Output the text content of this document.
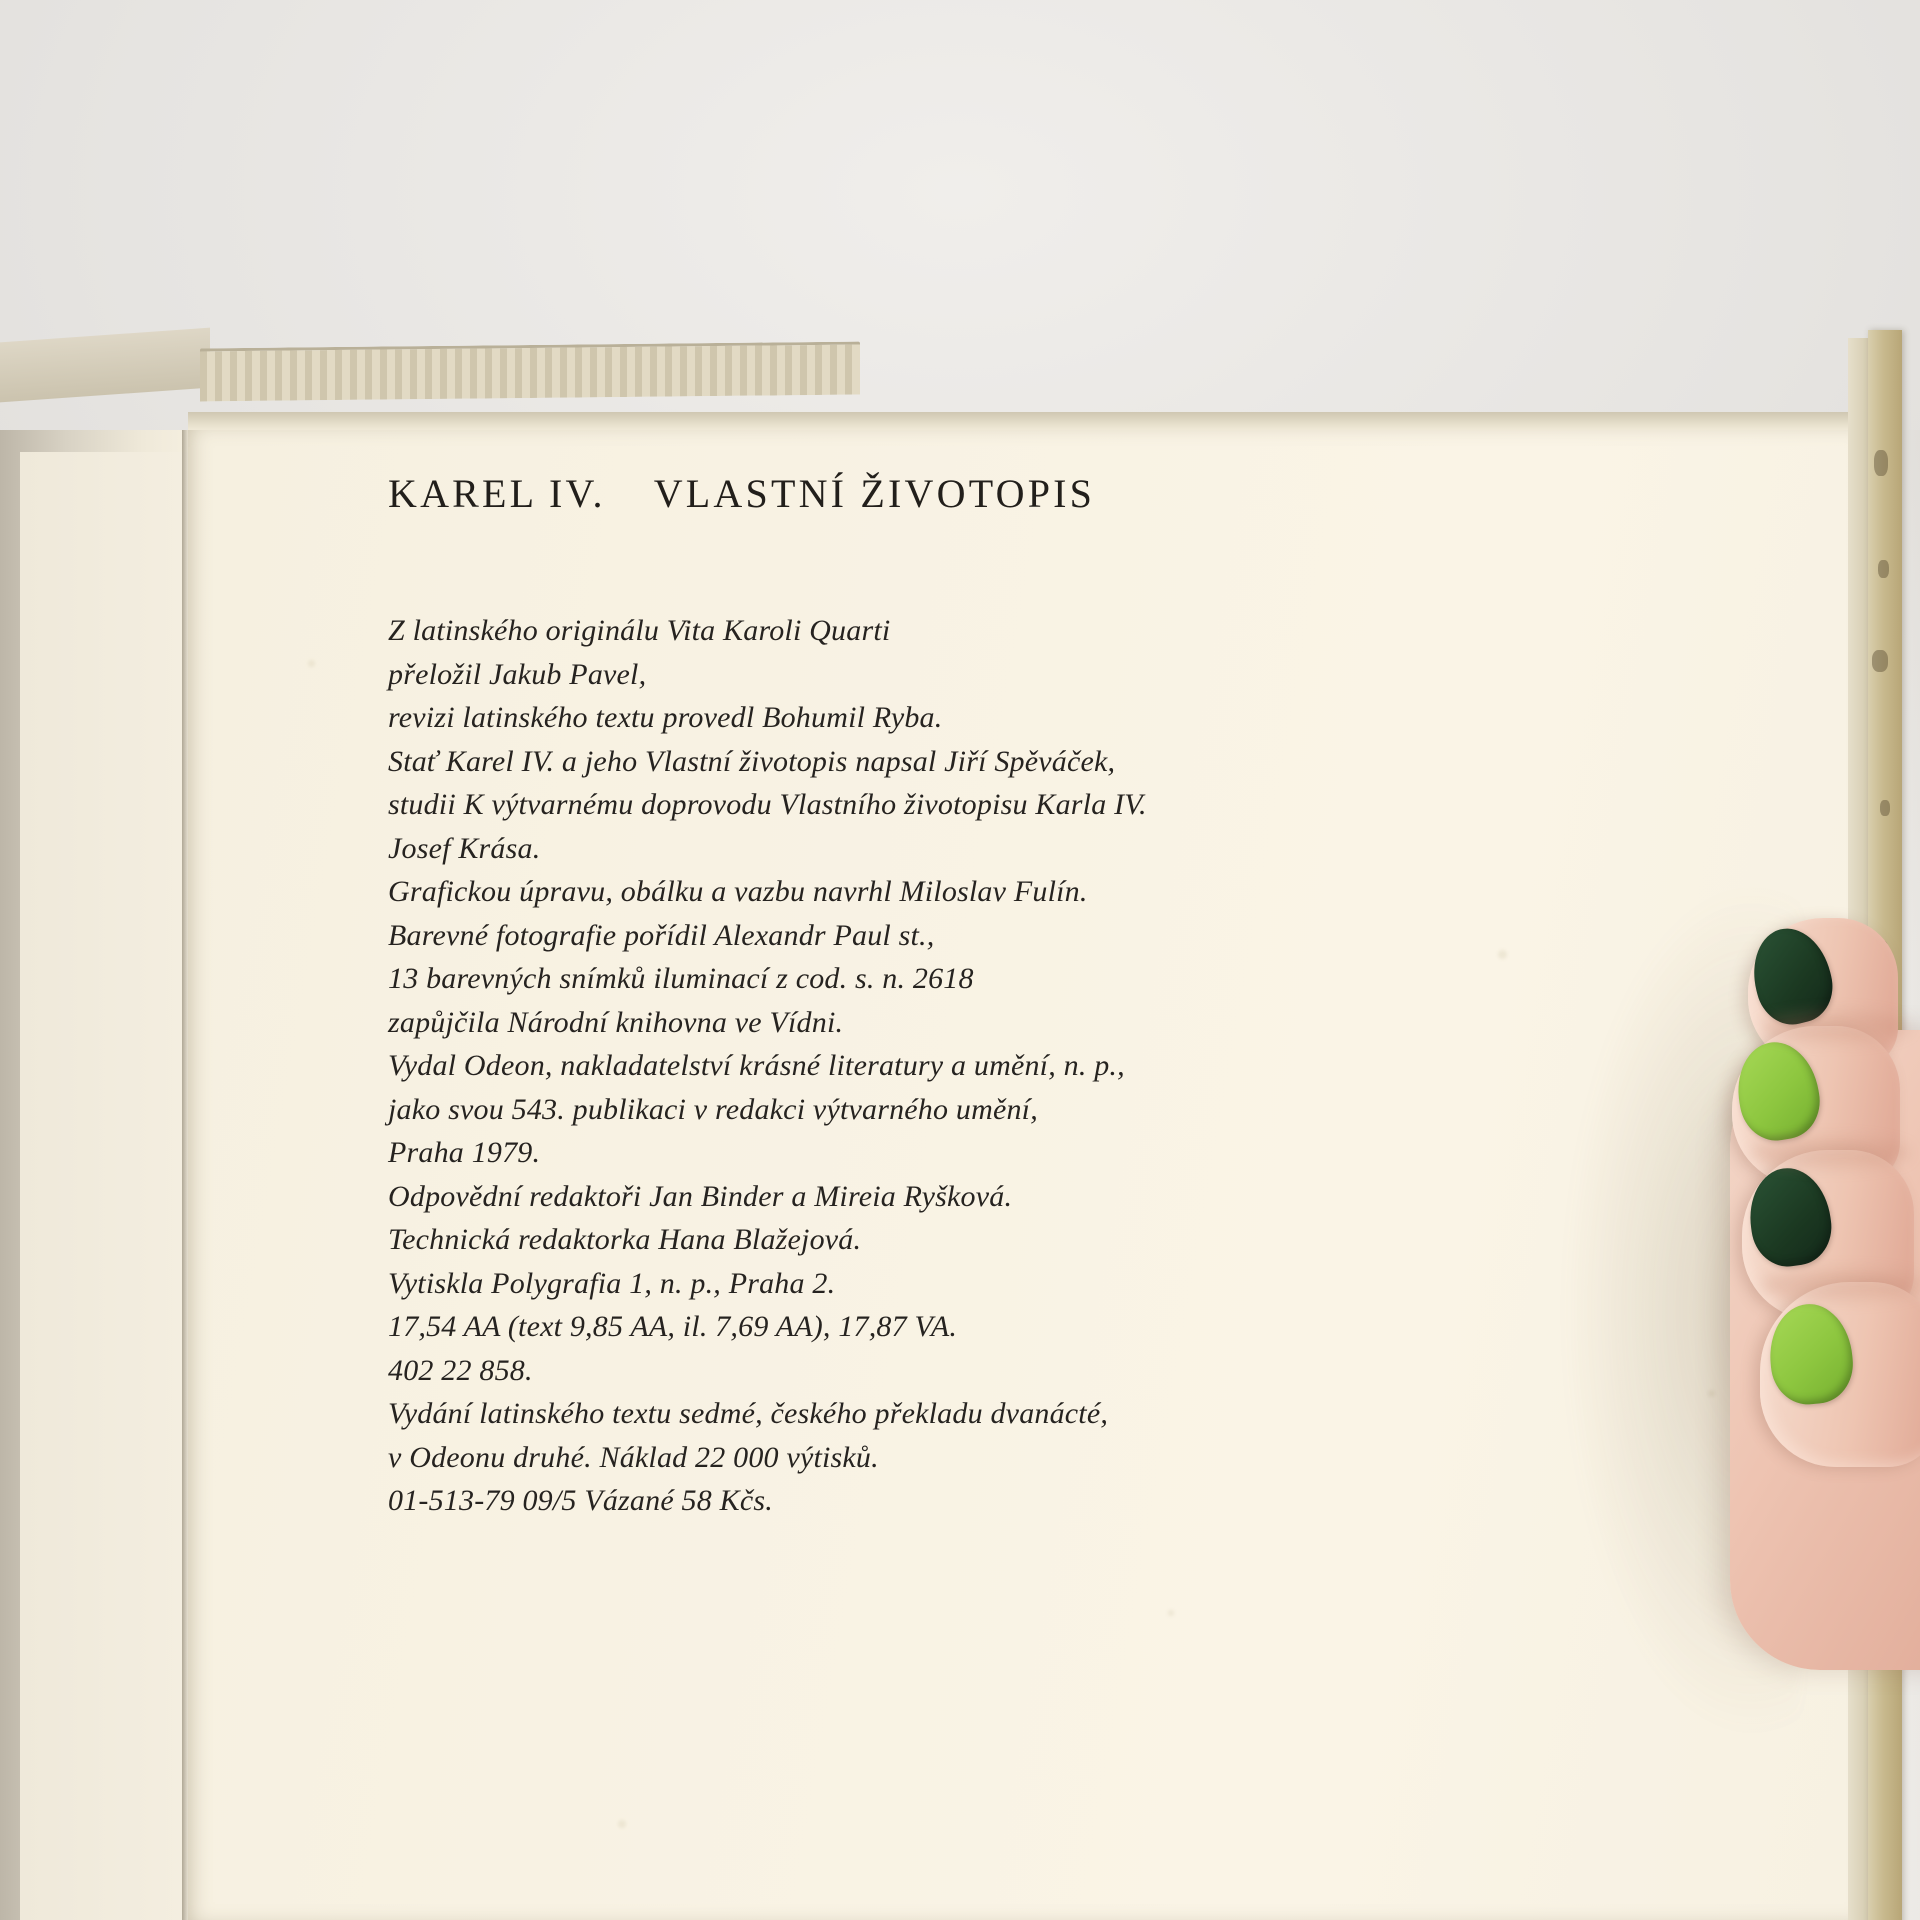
KAREL IV. VLASTNÍ ŽIVOTOPIS
Z latinského originálu Vita Karoli Quarti
přeložil Jakub Pavel,
revizi latinského textu provedl Bohumil Ryba.
Stať Karel IV. a jeho Vlastní životopis napsal Jiří Spěváček,
studii K výtvarnému doprovodu Vlastního životopisu Karla IV.
Josef Krása.
Grafickou úpravu, obálku a vazbu navrhl Miloslav Fulín.
Barevné fotografie pořídil Alexandr Paul st.,
13 barevných snímků iluminací z cod. s. n. 2618
zapůjčila Národní knihovna ve Vídni.
Vydal Odeon, nakladatelství krásné literatury a umění, n. p.,
jako svou 543. publikaci v redakci výtvarného umění,
Praha 1979.
Odpovědní redaktoři Jan Binder a Mireia Ryšková.
Technická redaktorka Hana Blažejová.
Vytiskla Polygrafia 1, n. p., Praha 2.
17,54 AA (text 9,85 AA, il. 7,69 AA), 17,87 VA.
402 22 858.
Vydání latinského textu sedmé, českého překladu dvanácté,
v Odeonu druhé. Náklad 22 000 výtisků.
01-513-79 09/5 Vázané 58 Kčs.
